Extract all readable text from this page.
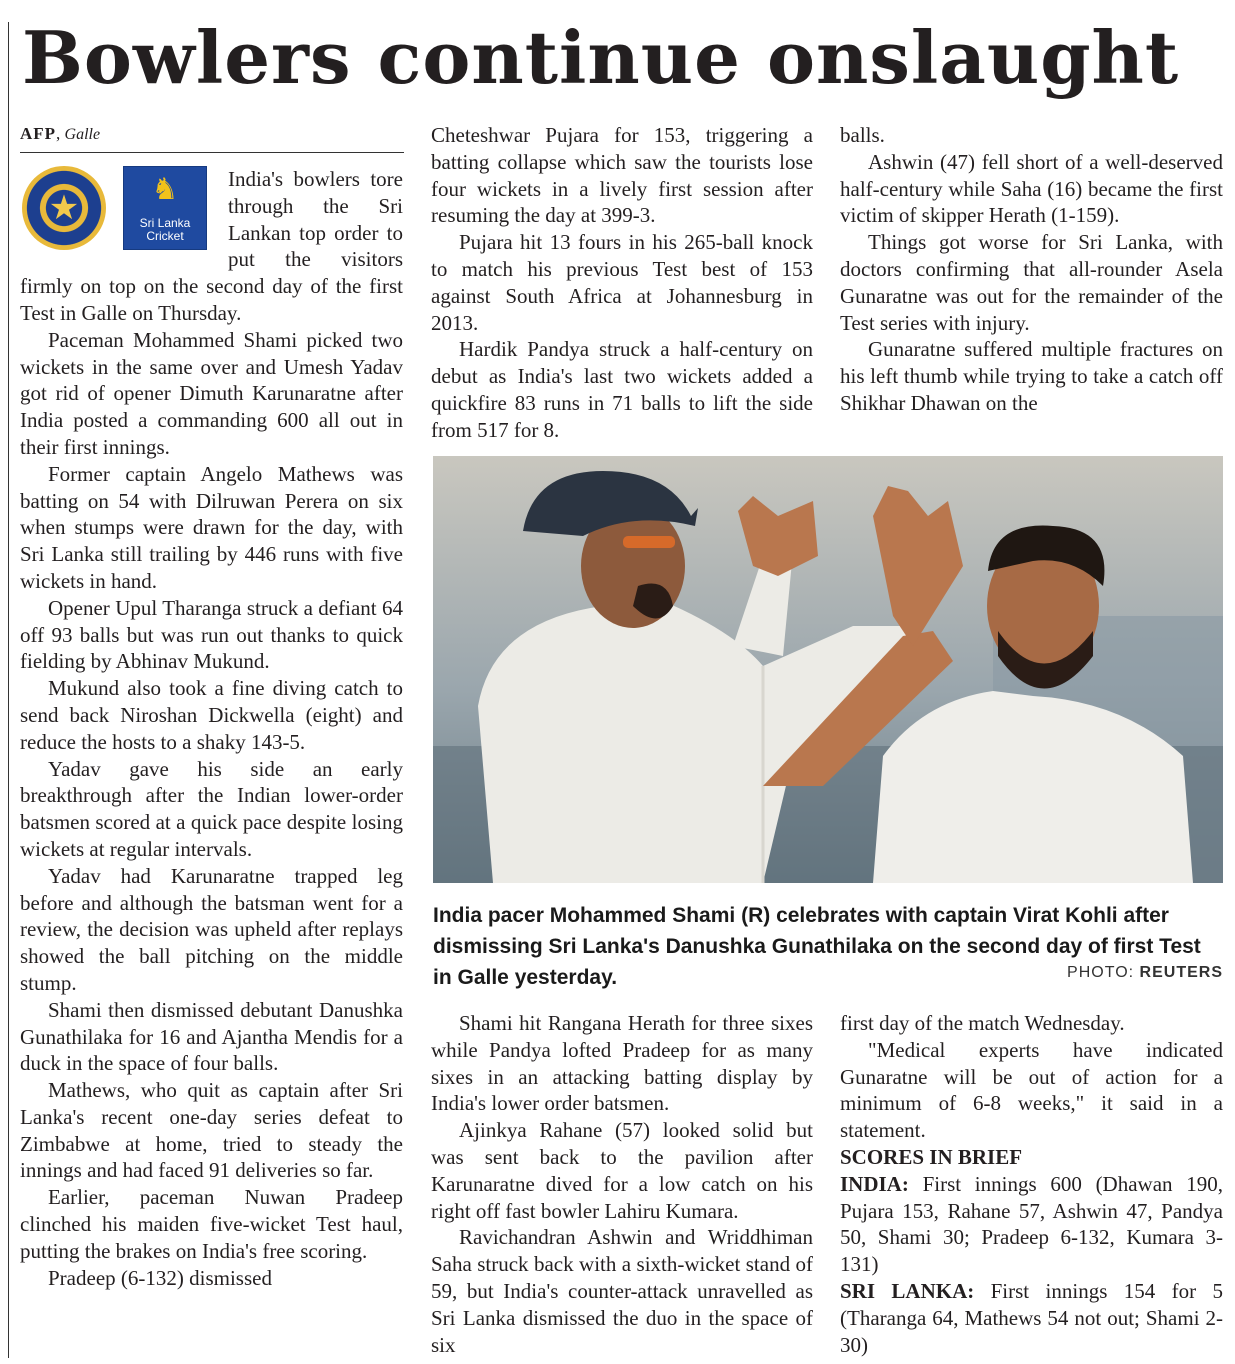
Bowlers continue onslaught
AFP, Galle
★	♞
Sri Lanka
Cricket

India's bowlers tore through the Sri Lankan top order to put the visitors firmly on top on the second day of the first Test in Galle on Thursday.

Paceman Mohammed Shami picked two wickets in the same over and Umesh Yadav got rid of opener Dimuth Karunaratne after India posted a commanding 600 all out in their first innings.

Former captain Angelo Mathews was batting on 54 with Dilruwan Perera on six when stumps were drawn for the day, with Sri Lanka still trailing by 446 runs with five wickets in hand.

Opener Upul Tharanga struck a defiant 64 off 93 balls but was run out thanks to quick fielding by Abhinav Mukund.

Mukund also took a fine diving catch to send back Niroshan Dickwella (eight) and reduce the hosts to a shaky 143-5.

Yadav gave his side an early breakthrough after the Indian lower-order batsmen scored at a quick pace despite losing wickets at regular intervals.

Yadav had Karunaratne trapped leg before and although the batsman went for a review, the decision was upheld after replays showed the ball pitching on the middle stump.

Shami then dismissed debutant Danushka Gunathilaka for 16 and Ajantha Mendis for a duck in the space of four balls.

Mathews, who quit as captain after Sri Lanka's recent one-day series defeat to Zimbabwe at home, tried to steady the innings and had faced 91 deliveries so far.

Earlier, paceman Nuwan Pradeep clinched his maiden five-wicket Test haul, putting the brakes on India's free scoring.

Pradeep (6-132) dismissed

Cheteshwar Pujara for 153, triggering a batting collapse which saw the tourists lose four wickets in a lively first session after resuming the day at 399-3.

Pujara hit 13 fours in his 265-ball knock to match his previous Test best of 153 against South Africa at Johannesburg in 2013.

Hardik Pandya struck a half-century on debut as India's last two wickets added a quickfire 83 runs in 71 balls to lift the side from 517 for 8.

balls.

Ashwin (47) fell short of a well-deserved half-century while Saha (16) became the first victim of skipper Herath (1-159).

Things got worse for Sri Lanka, with doctors confirming that all-rounder Asela Gunaratne was out for the remainder of the Test series with injury.

Gunaratne suffered multiple fractures on his left thumb while trying to take a catch off Shikhar Dhawan on the

India pacer Mohammed Shami (R) celebrates with captain Virat Kohli after dismissing Sri Lanka's Danushka Gunathilaka on the second day of first Test in Galle yesterday.	PHOTO: REUTERS

Shami hit Rangana Herath for three sixes while Pandya lofted Pradeep for as many sixes in an attacking batting display by India's lower order batsmen.

Ajinkya Rahane (57) looked solid but was sent back to the pavilion after Karunaratne dived for a low catch on his right off fast bowler Lahiru Kumara.

Ravichandran Ashwin and Wriddhiman Saha struck back with a sixth-wicket stand of 59, but India's counter-attack unravelled as Sri Lanka dismissed the duo in the space of six

first day of the match Wednesday.

"Medical experts have indicated Gunaratne will be out of action for a minimum of 6-8 weeks," it said in a statement.

SCORES IN BRIEF

INDIA: First innings 600 (Dhawan 190, Pujara 153, Rahane 57, Ashwin 47, Pandya 50, Shami 30; Pradeep 6-132, Kumara 3-131)

SRI LANKA: First innings 154 for 5 (Tharanga 64, Mathews 54 not out; Shami 2-30)
